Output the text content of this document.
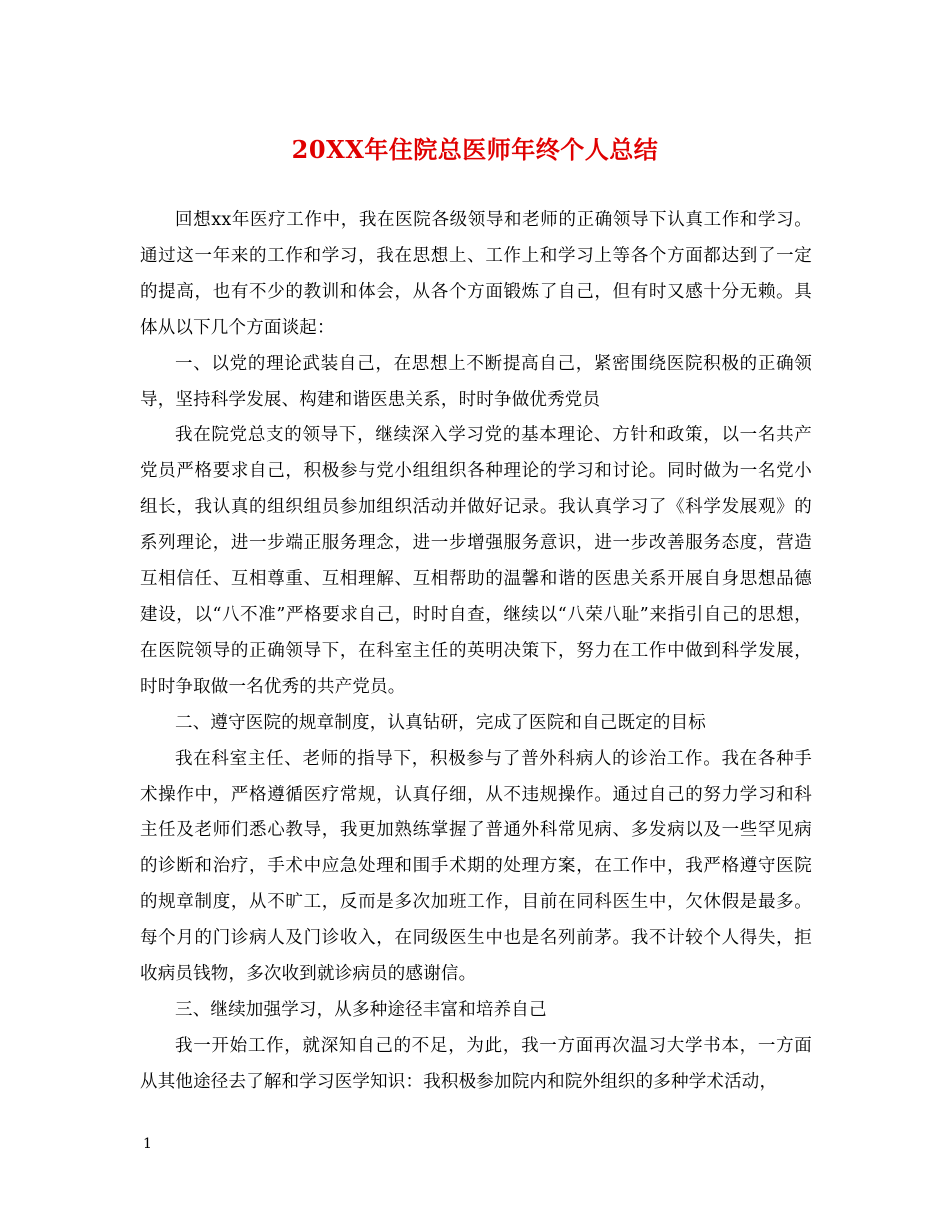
20XX年住院总医师年终个人总结

回想xx年医疗工作中，我在医院各级领导和老师的正确领导下认真工作和学习。通过这一年来的工作和学习，我在思想上、工作上和学习上等各个方面都达到了一定的提高，也有不少的教训和体会，从各个方面锻炼了自己，但有时又感十分无赖。具体从以下几个方面谈起：

一、以党的理论武装自己，在思想上不断提高自己，紧密围绕医院积极的正确领导，坚持科学发展、构建和谐医患关系，时时争做优秀党员

我在院党总支的领导下，继续深入学习党的基本理论、方针和政策，以一名共产党员严格要求自己，积极参与党小组组织各种理论的学习和讨论。同时做为一名党小组长，我认真的组织组员参加组织活动并做好记录。我认真学习了《科学发展观》的系列理论，进一步端正服务理念，进一步增强服务意识，进一步改善服务态度，营造互相信任、互相尊重、互相理解、互相帮助的温馨和谐的医患关系开展自身思想品德建设，以“八不准”严格要求自己，时时自查，继续以“八荣八耻”来指引自己的思想，在医院领导的正确领导下，在科室主任的英明决策下，努力在工作中做到科学发展，时时争取做一名优秀的共产党员。

二、遵守医院的规章制度，认真钻研，完成了医院和自己既定的目标

我在科室主任、老师的指导下，积极参与了普外科病人的诊治工作。我在各种手术操作中，严格遵循医疗常规，认真仔细，从不违规操作。通过自己的努力学习和科主任及老师们悉心教导，我更加熟练掌握了普通外科常见病、多发病以及一些罕见病的诊断和治疗，手术中应急处理和围手术期的处理方案，在工作中，我严格遵守医院的规章制度，从不旷工，反而是多次加班工作，目前在同科医生中，欠休假是最多。每个月的门诊病人及门诊收入，在同级医生中也是名列前茅。我不计较个人得失，拒收病员钱物，多次收到就诊病员的感谢信。

三、继续加强学习，从多种途径丰富和培养自己

我一开始工作，就深知自己的不足，为此，我一方面再次温习大学书本，一方面从其他途径去了解和学习医学知识：我积极参加院内和院外组织的多种学术活动，

1
